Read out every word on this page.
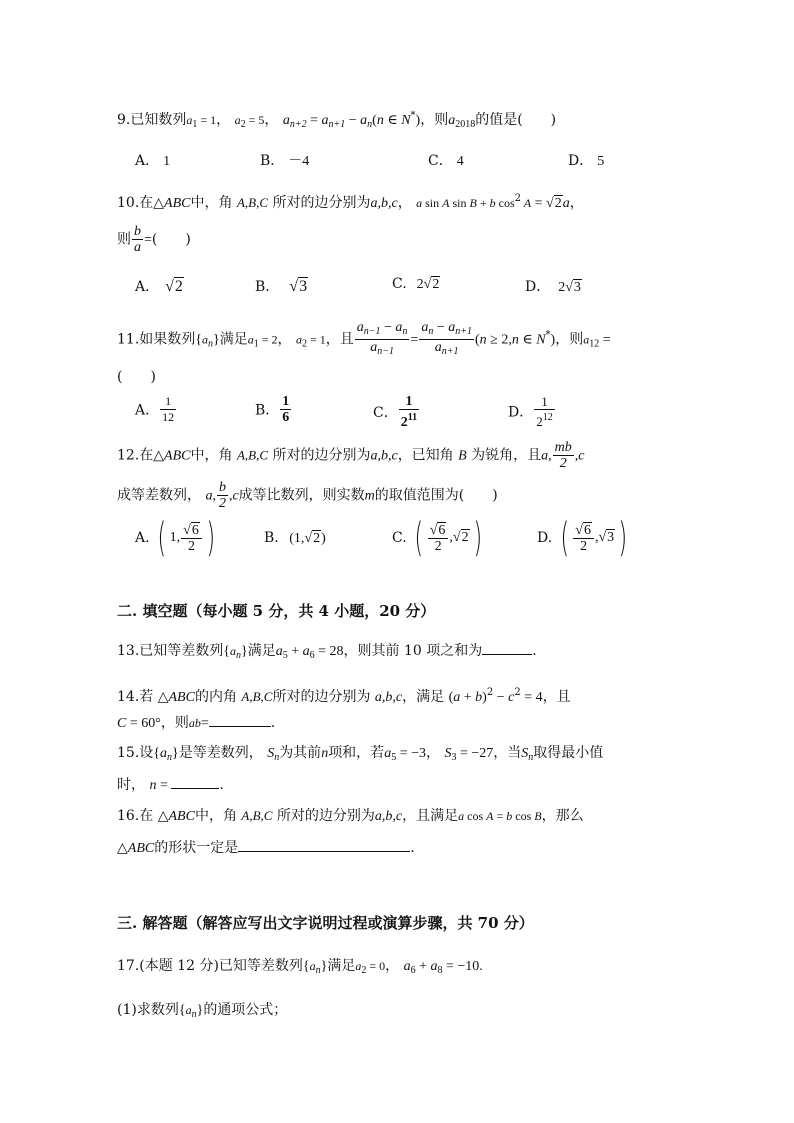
9.已知数列$a_1 = 1$， $a_2 = 5$， $a_{n+2} = a_{n+1} - a_n(n$ ∈ N*)，则$a_{2018}$的值是(　　)
A． 1	B． －4	C． 4	D． 5
10.在△ABC中，角 A,B,C 所对的边分别为a,b,c， a sin A sin B + b $\cos^2 A = √2a$，
则 $\frac{b}{a}$ =(　　)
A． √2	B． √3	C. 2√2	D． 2√3
11.如果数列$\{a_n\}$满足$a_1 = 2$， $a_2 = 1$，且 $\frac{a_{n-1} - a_n}{a_{n-1}} = \frac{a_n - a_{n+1}}{a_{n+1}} (n \ge 2,n$ ∈ N*)，则$a_{12}$ =
(　　)
A． $\frac{1}{12}$	B． $\frac{1}{6}$	C． $\frac{1}{2^{11}}$	D． $\frac{1}{2^{12}}$
12.在△ABC中，角 A,B,C 所对的边分别为a,b,c，已知角 B 为锐角，且a, $\frac{mb}{2} ,c$
成等差数列， a, $\frac{b}{2} ,c$成等比数列，则实数m的取值范围为(　　)
A. ( 1, $\frac{√6}{2}$ )	B. (1,√2)	C. ( $\frac{√6}{2} ,√2$ )	D. ( $\frac{√6}{2} ,√3$ )
二. 填空题（每小题 5 分，共 4 小题，20 分）
13.已知等差数列$\{a_n\}$满足$a_5 + a_6 = 28$，则其前 10 项之和为	.
14.若 △ABC的内角 A,B,C所对的边分别为 a,b,c，满足 $(a + b)^2 - c^2 = 4$，且
C = 60°，则ab=	.
15.设$\{a_n\}$是等差数列， $S_n$为其前n项和，若$a_5 = -3$， $S_3 = -27$，当$S_n$取得最小值
时， n =	.
16.在 △ABC中，角 A,B,C 所对的边分别为a,b,c，且满足a cos A = b cos B，那么
△ABC的形状一定是	.
三. 解答题（解答应写出文字说明过程或演算步骤，共 70 分）
17.(本题 12 分)已知等差数列$\{a_n\}$满足$a_2 = 0$， $a_6 + a_8 = -10$.
(1)求数列$\{a_n\}$的通项公式；
